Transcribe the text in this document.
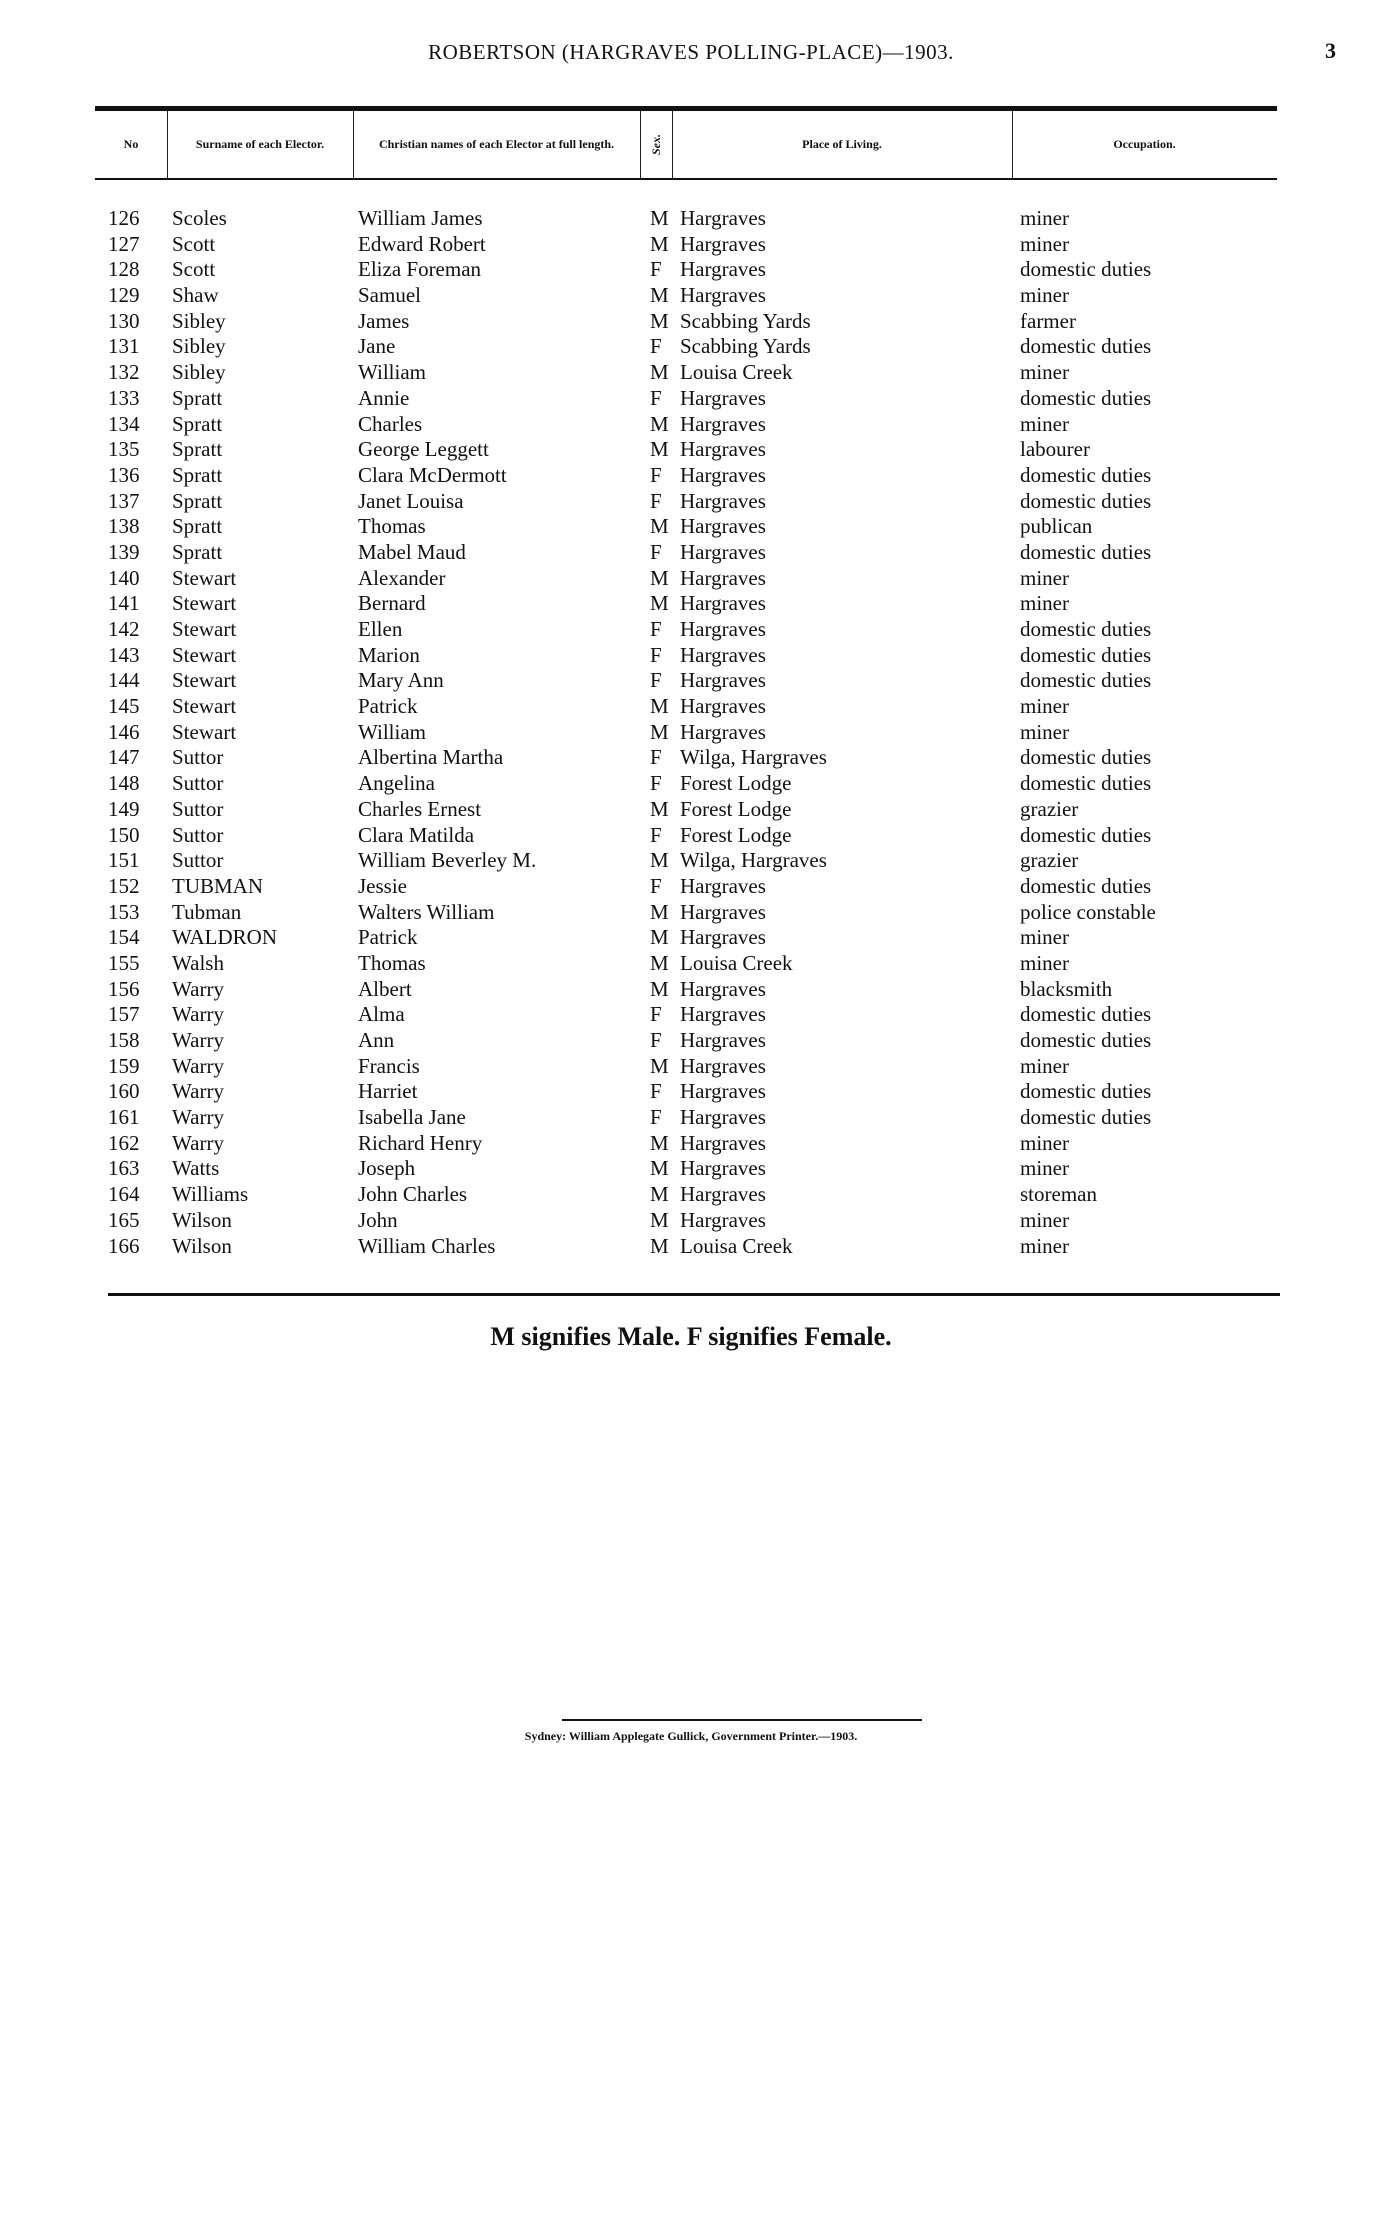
ROBERTSON (HARGRAVES POLLING-PLACE)—1903.	3
No	Surname of each Elector.	Christian names of each Elector at full length.	Sex.	Place of Living.	Occupation.
126 Scoles	William James	M Hargraves	miner
127 Scott	Edward Robert	M Hargraves	miner
128 Scott	Eliza Foreman	F Hargraves	domestic duties
129 Shaw	Samuel	M Hargraves	miner
130 Sibley	James	M Scabbing Yards	farmer
131 Sibley	Jane	F Scabbing Yards	domestic duties
132 Sibley	William	M Louisa Creek	miner
133 Spratt	Annie	F Hargraves	domestic duties
134 Spratt	Charles	M Hargraves	miner
135 Spratt	George Leggett	M Hargraves	labourer
136 Spratt	Clara McDermott	F Hargraves	domestic duties
137 Spratt	Janet Louisa	F Hargraves	domestic duties
138 Spratt	Thomas	M Hargraves	publican
139 Spratt	Mabel Maud	F Hargraves	domestic duties
140 Stewart	Alexander	M Hargraves	miner
141 Stewart	Bernard	M Hargraves	miner
142 Stewart	Ellen	F Hargraves	domestic duties
143 Stewart	Marion	F Hargraves	domestic duties
144 Stewart	Mary Ann	F Hargraves	domestic duties
145 Stewart	Patrick	M Hargraves	miner
146 Stewart	William	M Hargraves	miner
147 Suttor	Albertina Martha	F Wilga, Hargraves	domestic duties
148 Suttor	Angelina	F Forest Lodge	domestic duties
149 Suttor	Charles Ernest	M Forest Lodge	grazier
150 Suttor	Clara Matilda	F Forest Lodge	domestic duties
151 Suttor	William Beverley M.	M Wilga, Hargraves	grazier
152 TUBMAN	Jessie	F Hargraves	domestic duties
153 Tubman	Walters William	M Hargraves	police constable
154 WALDRON	Patrick	M Hargraves	miner
155 Walsh	Thomas	M Louisa Creek	miner
156 Warry	Albert	M Hargraves	blacksmith
157 Warry	Alma	F Hargraves	domestic duties
158 Warry	Ann	F Hargraves	domestic duties
159 Warry	Francis	M Hargraves	miner
160 Warry	Harriet	F Hargraves	domestic duties
161 Warry	Isabella Jane	F Hargraves	domestic duties
162 Warry	Richard Henry	M Hargraves	miner
163 Watts	Joseph	M Hargraves	miner
164 Williams	John Charles	M Hargraves	storeman
165 Wilson	John	M Hargraves	miner
166 Wilson	William Charles	M Louisa Creek	miner
M signifies Male. F signifies Female.
Sydney: William Applegate Gullick, Government Printer.—1903.
